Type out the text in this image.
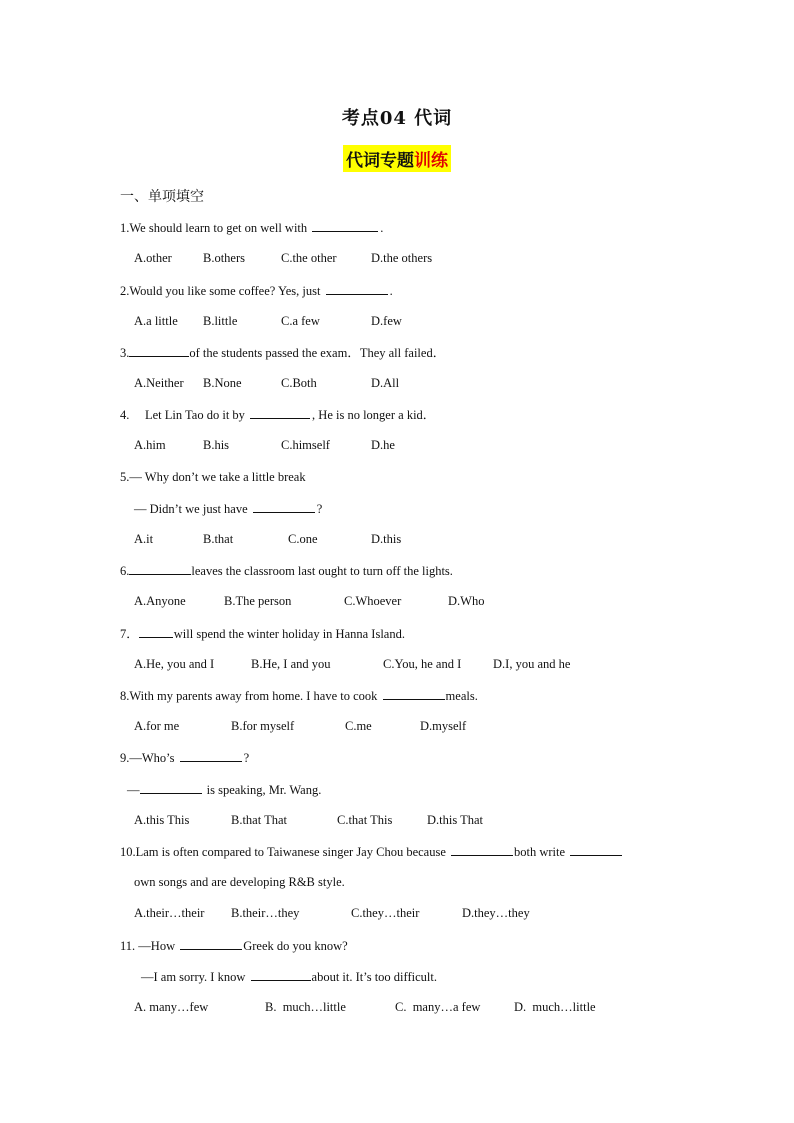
考点04 代词
代词专题训练
一、单项填空
1.We should learn to get on well with	.
A.other B.others	C.the other	D.the others
2.Would you like some coffee? Yes, just	.
A.a little B.little	C.a few	D.few
3.	of the students passed the exam．They all failed．
A.Neither B.None	C.Both	D.All
4.     Let Lin Tao do it by	, He is no longer a kid．
A.him	B.his	C.himself	D.he
5.— Why don’t we take a little break
— Didn’t we just have	?
A.it	B.that	C.one	D.this
6.	leaves the classroom last ought to turn off the lights.
A.Anyone	B.The person	C.Whoever	D.Who
7．	will spend the winter holiday in Hanna Island.
A.He, you and I	B.He, I and you	C.You, he and I	D.I, you and he
8.With my parents away from home. I have to cook	meals.
A.for me	B.for myself	C.me	D.myself
9.—Who’s	?
—	is speaking, Mr. Wang.
A.this This	B.that That	C.that This	D.this That
10.Lam is often compared to Taiwanese singer Jay Chou because	both write
own songs and are developing R&B style.
A.their…their B.their…they	C.they…their	D.they…they
11. —How	Greek do you know?
—I am sorry. I know	about it. It’s too difficult.
A. many…few	B.  much…little	C.  many…a few	D.  much…little
